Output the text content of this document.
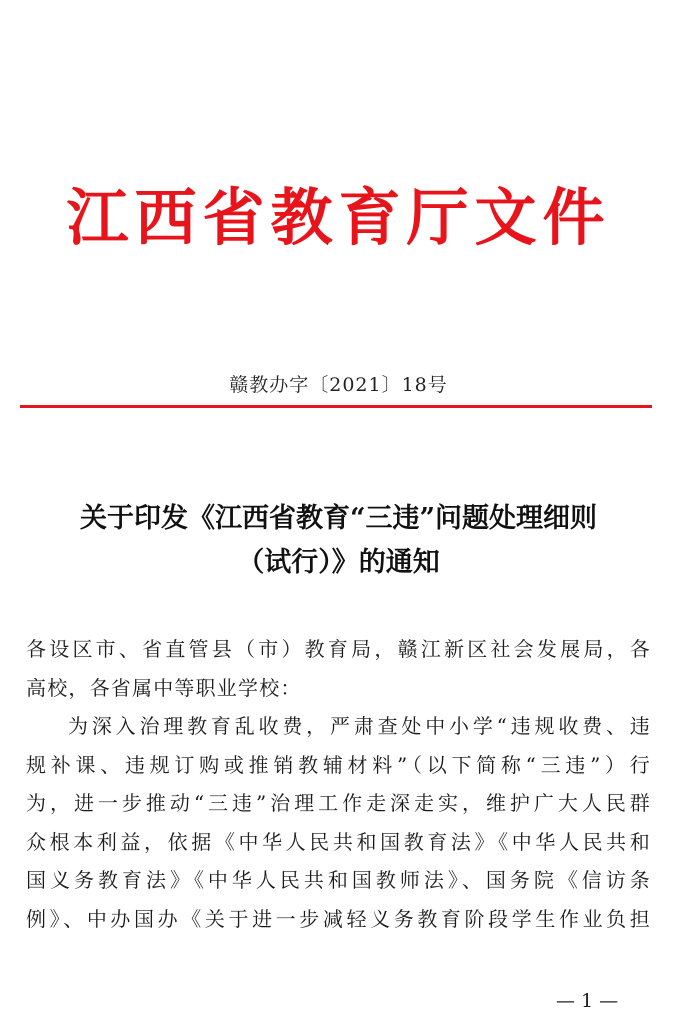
江西省教育厅文件
赣教办字〔2021〕18号
关于印发《江西省教育“三违”问题处理细则
（试行）》的通知
各设区市、省直管县（市）教育局，赣江新区社会发展局，各
高校，各省属中等职业学校：
为深入治理教育乱收费，严肃查处中小学“违规收费、违
规补课、违规订购或推销教辅材料”（以下简称“三违”）行
为，进一步推动“三违”治理工作走深走实，维护广大人民群
众根本利益，依据《中华人民共和国教育法》《中华人民共和
国义务教育法》《中华人民共和国教师法》、国务院《信访条
例》、中办国办《关于进一步减轻义务教育阶段学生作业负担
— 1 —
